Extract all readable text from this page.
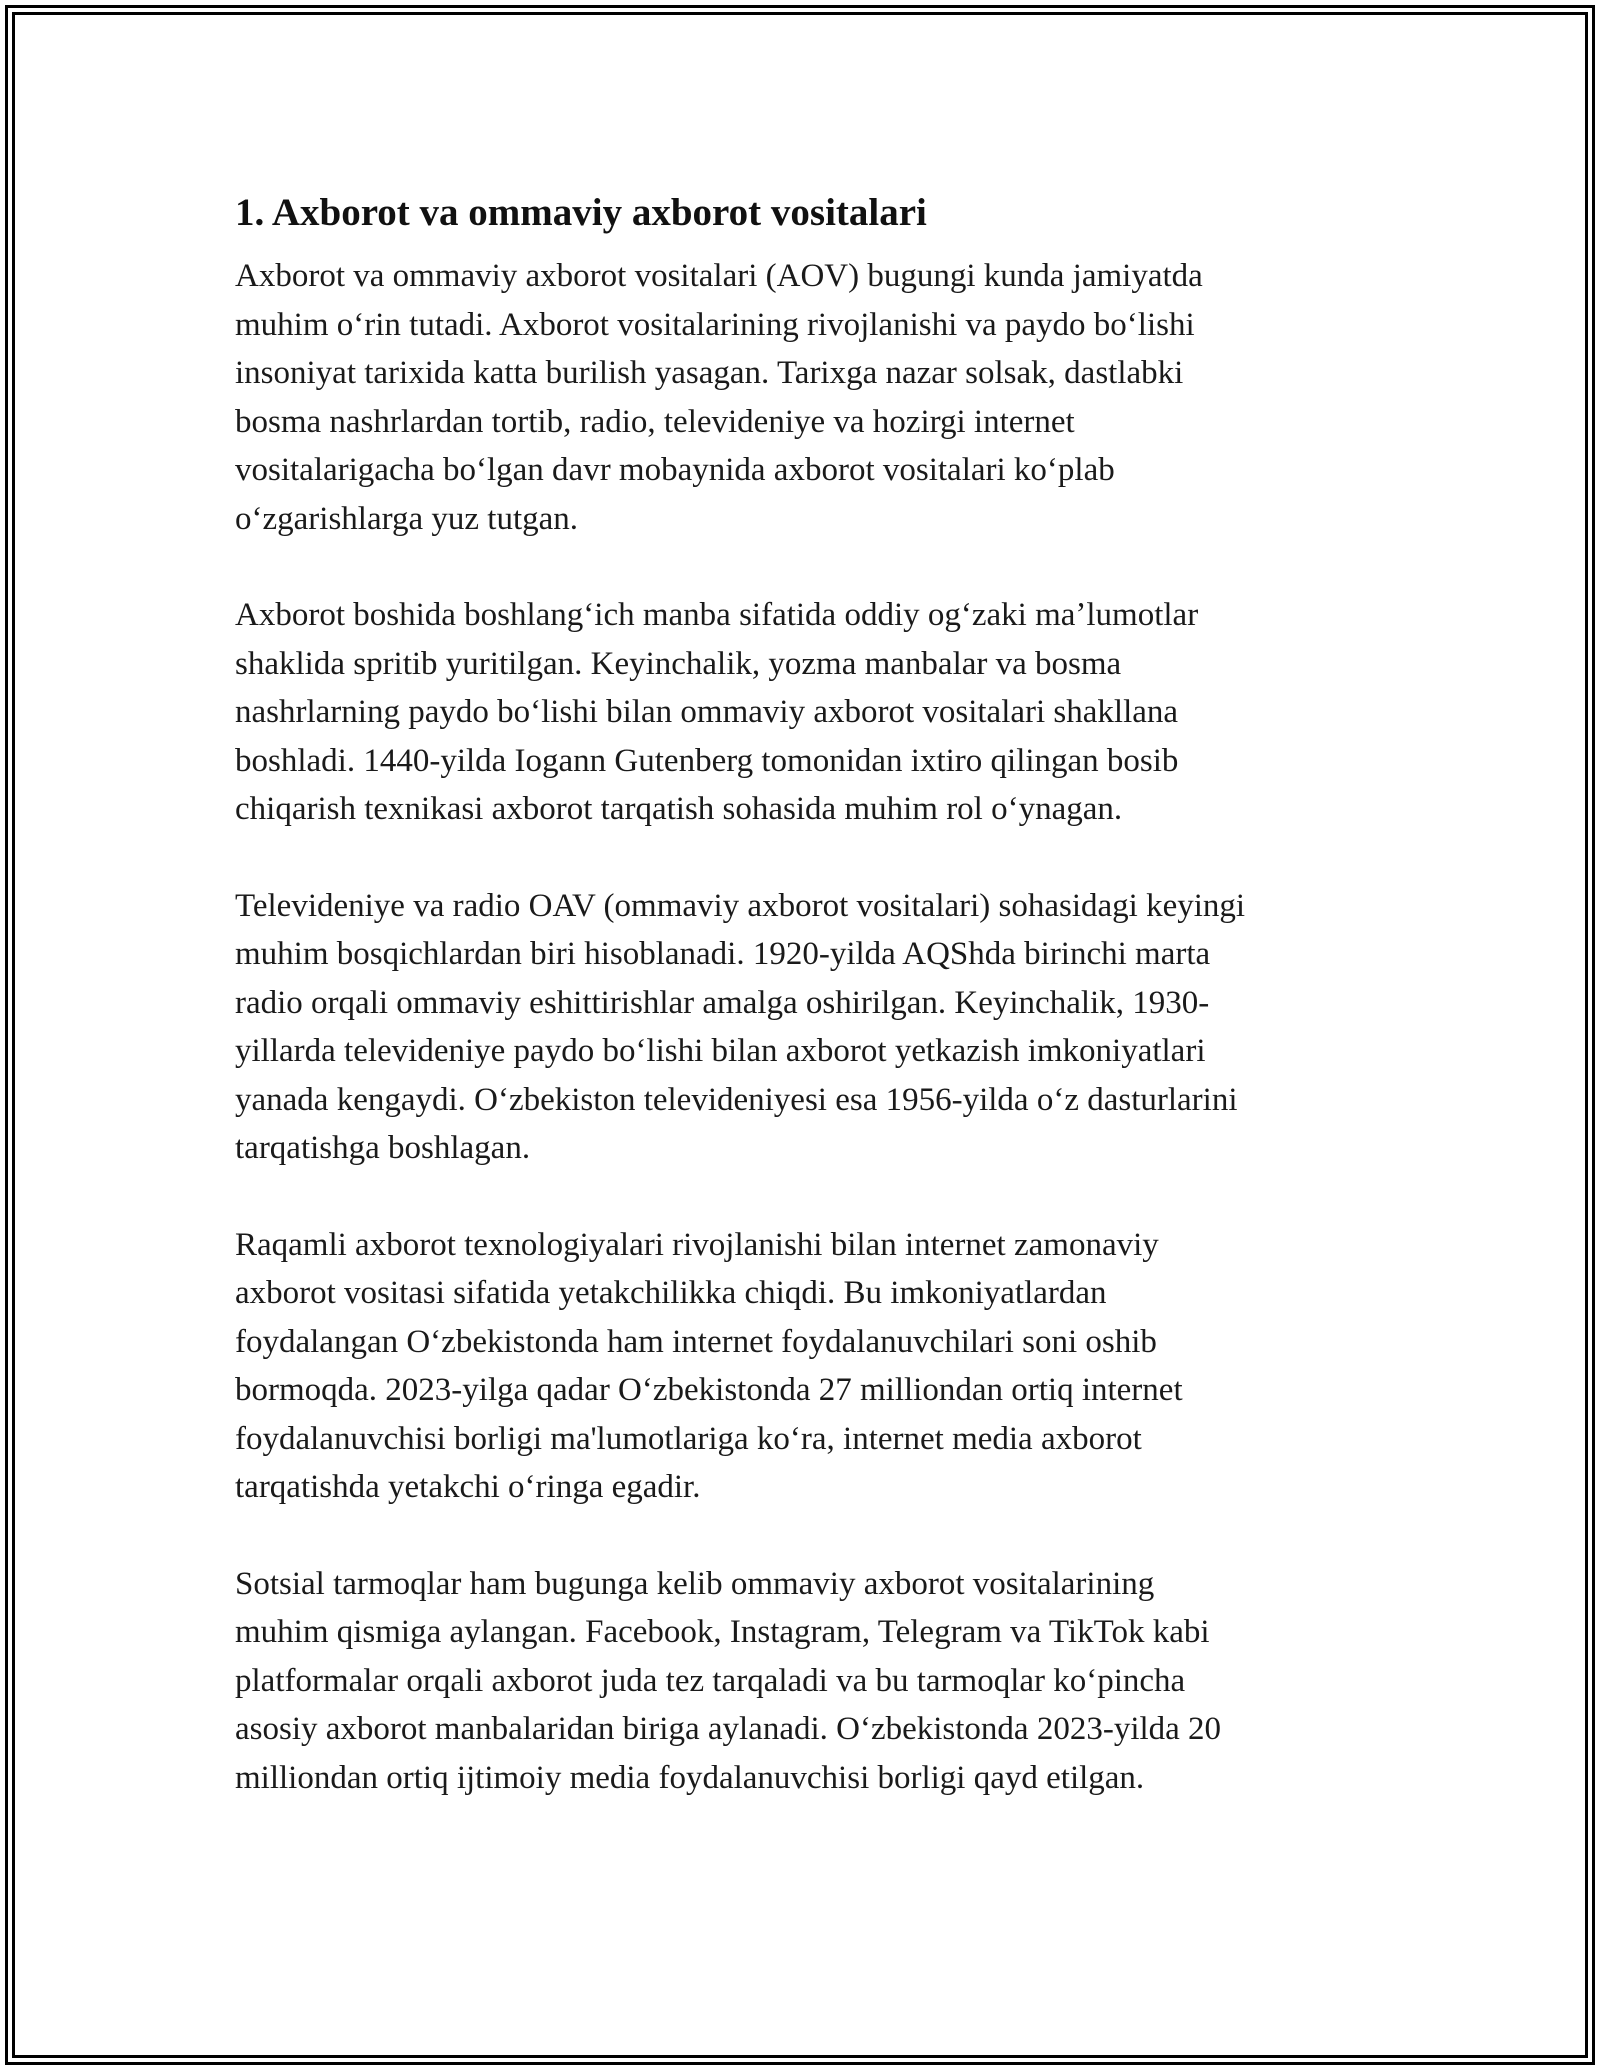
1. Axborot va ommaviy axborot vositalari

Axborot va ommaviy axborot vositalari (AOV) bugungi kunda jamiyatda
muhim oʻrin tutadi. Axborot vositalarining rivojlanishi va paydo boʻlishi
insoniyat tarixida katta burilish yasagan. Tarixga nazar solsak, dastlabki
bosma nashrlardan tortib, radio, televideniye va hozirgi internet
vositalarigacha boʻlgan davr mobaynida axborot vositalari koʻplab
oʻzgarishlarga yuz tutgan.

Axborot boshida boshlangʻich manba sifatida oddiy ogʻzaki maʼlumotlar
shaklida spritib yuritilgan. Keyinchalik, yozma manbalar va bosma
nashrlarning paydo boʻlishi bilan ommaviy axborot vositalari shakllana
boshladi. 1440-yilda Iogann Gutenberg tomonidan ixtiro qilingan bosib
chiqarish texnikasi axborot tarqatish sohasida muhim rol oʻynagan.

Televideniye va radio OAV (ommaviy axborot vositalari) sohasidagi keyingi
muhim bosqichlardan biri hisoblanadi. 1920-yilda AQShda birinchi marta
radio orqali ommaviy eshittirishlar amalga oshirilgan. Keyinchalik, 1930-
yillarda televideniye paydo boʻlishi bilan axborot yetkazish imkoniyatlari
yanada kengaydi. Oʻzbekiston televideniyesi esa 1956-yilda oʻz dasturlarini
tarqatishga boshlagan.

Raqamli axborot texnologiyalari rivojlanishi bilan internet zamonaviy
axborot vositasi sifatida yetakchilikka chiqdi. Bu imkoniyatlardan
foydalangan Oʻzbekistonda ham internet foydalanuvchilari soni oshib
bormoqda. 2023-yilga qadar Oʻzbekistonda 27 milliondan ortiq internet
foydalanuvchisi borligi ma'lumotlariga koʻra, internet media axborot
tarqatishda yetakchi oʻringa egadir.

Sotsial tarmoqlar ham bugunga kelib ommaviy axborot vositalarining
muhim qismiga aylangan. Facebook, Instagram, Telegram va TikTok kabi
platformalar orqali axborot juda tez tarqaladi va bu tarmoqlar koʻpincha
asosiy axborot manbalaridan biriga aylanadi. Oʻzbekistonda 2023-yilda 20
milliondan ortiq ijtimoiy media foydalanuvchisi borligi qayd etilgan.
